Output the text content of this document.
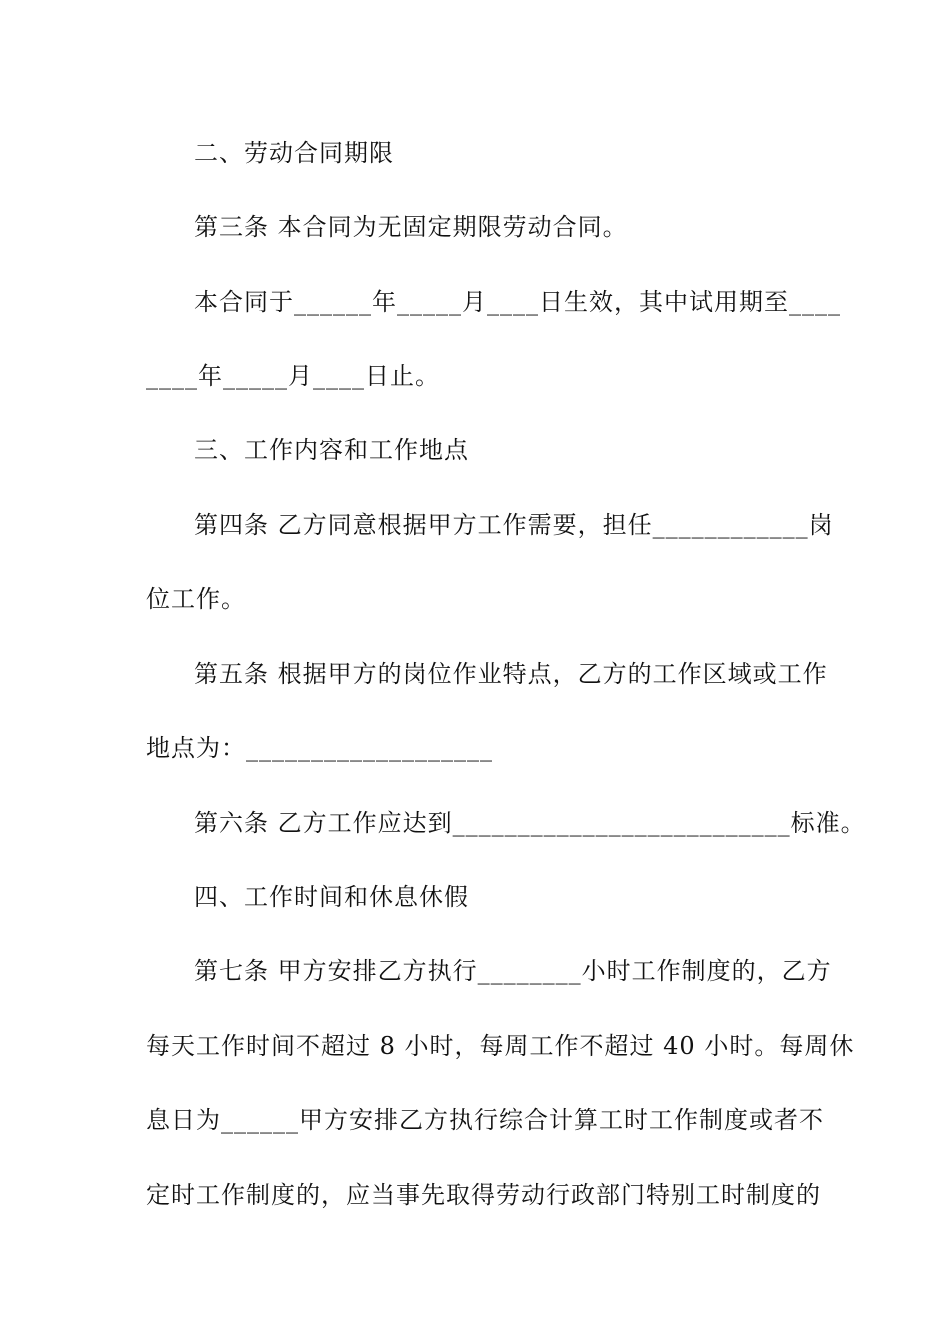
二、劳动合同期限
第三条 本合同为无固定期限劳动合同。
本合同于______年_____月____日生效，其中试用期至____
____年_____月____日止。
三、工作内容和工作地点
第四条 乙方同意根据甲方工作需要，担任____________岗
位工作。
第五条 根据甲方的岗位作业特点，乙方的工作区域或工作
地点为：___________________
第六条 乙方工作应达到__________________________标准。
四、工作时间和休息休假
第七条 甲方安排乙方执行________小时工作制度的，乙方
每天工作时间不超过 8 小时，每周工作不超过 40 小时。每周休
息日为______甲方安排乙方执行综合计算工时工作制度或者不
定时工作制度的，应当事先取得劳动行政部门特别工时制度的
